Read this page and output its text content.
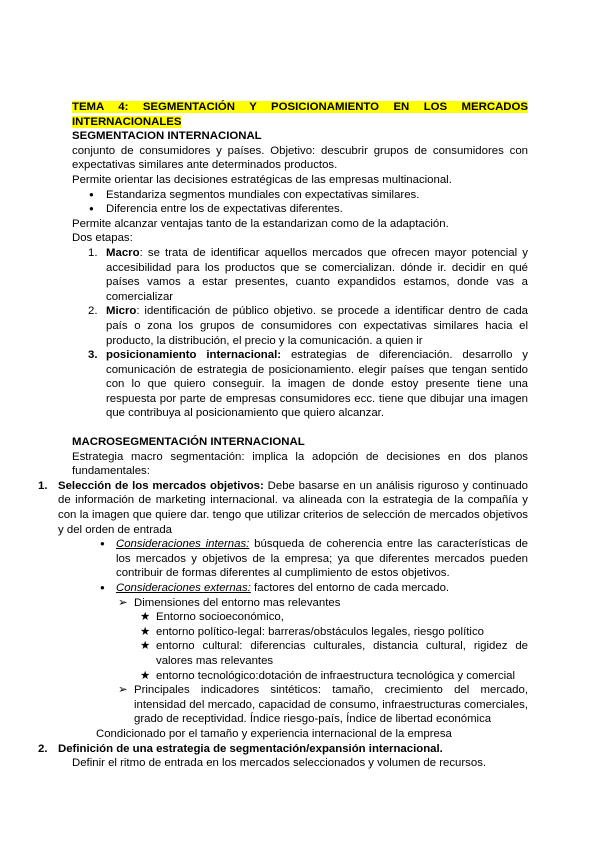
TEMA 4: SEGMENTACIÓN Y POSICIONAMIENTO EN LOS MERCADOS INTERNACIONALES
SEGMENTACION INTERNACIONAL

conjunto de consumidores y países. Objetivo: descubrir grupos de consumidores con expectativas similares ante determinados productos.

Permite orientar las decisiones estratégicas de las empresas multinacional.

● Estandariza segmentos mundiales con expectativas similares.
● Diferencia entre los de expectativas diferentes.

Permite alcanzar ventajas tanto de la estandarizan como de la adaptación.

Dos etapas:

1. Macro: se trata de identificar aquellos mercados que ofrecen mayor potencial y accesibilidad para los productos que se comercializan. dónde ir. decidir en qué países vamos a estar presentes, cuanto expandidos estamos, donde vas a comercializar
2. Micro: identificación de público objetivo. se procede a identificar dentro de cada país o zona los grupos de consumidores con expectativas similares hacia el producto, la distribución, el precio y la comunicación. a quien ir
3. posicionamiento internacional: estrategias de diferenciación. desarrollo y comunicación de estrategia de posicionamiento. elegir países que tengan sentido con lo que quiero conseguir. la imagen de donde estoy presente tiene una respuesta por parte de empresas consumidores ecc. tiene que dibujar una imagen que contribuya al posicionamiento que quiero alcanzar.
MACROSEGMENTACIÓN INTERNACIONAL

Estrategia macro segmentación: implica la adopción de decisiones en dos planos fundamentales:

1. Selección de los mercados objetivos: Debe basarse en un análisis riguroso y continuado de información de marketing internacional. va alineada con la estrategia de la compañía y con la imagen que quiere dar. tengo que utilizar criterios de selección de mercados objetivos y del orden de entrada
● Consideraciones internas: búsqueda de coherencia entre las características de los mercados y objetivos de la empresa; ya que diferentes mercados pueden contribuir de formas diferentes al cumplimiento de estos objetivos.
● Consideraciones externas: factores del entorno de cada mercado.
➢ Dimensiones del entorno mas relevantes
★ Entorno socioeconómico,
★ entorno político-legal: barreras/obstáculos legales, riesgo político
★ entorno cultural: diferencias culturales, distancia cultural, rigidez de valores mas relevantes
★ entorno tecnológico:dotación de infraestructura tecnológica y comercial
➢ Principales indicadores sintéticos: tamaño, crecimiento del mercado, intensidad del mercado, capacidad de consumo, infraestructuras comerciales, grado de receptividad. Índice riesgo-país, Índice de libertad económica

Condicionado por el tamaño y experiencia internacional de la empresa

2. Definición de una estrategia de segmentación/expansión internacional.

Definir el ritmo de entrada en los mercados seleccionados y volumen de recursos.
